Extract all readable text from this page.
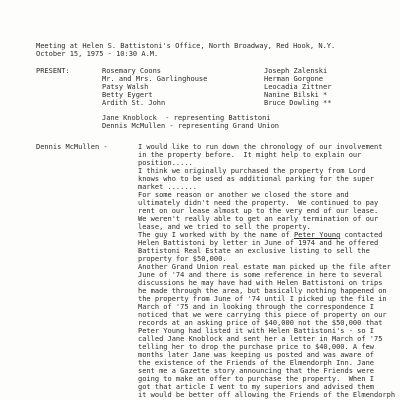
Meeting at Helen S. Battistoni's Office, North Broadway, Red Hook, N.Y.
October 15, 1975 - 10:30 A.M.
PRESENT:	Rosemary Coons
Mr. and Mrs. Garlinghouse
Patsy Walsh
Betty Eygert
Ardith St. John
Joseph Zalenski
Herman Gorgone
Leocadia Zittner
Nanine Bilski *
Bruce Dowling **
Jane Knoblock  - representing Battistoni
Dennis McMullen - representing Grand Union
Dennis McMullen -	I would like to run down the chronology of our involvement
in the property before.  It might help to explain our
position.....
I think we originally purchased the property from Lord
knows who to be used as additional parking for the super
market .......
For some reason or another we closed the store and
ultimately didn't need the property.  We continued to pay
rent on our lease almost up to the very end of our lease.
We weren't really able to get an early termination of our
lease, and we tried to sell the property.
The guy I worked with by the name of Peter Young contacted
Helen Battistoni by letter in June of 1974 and he offered
Battistoni Real Estate an exclusive listing to sell the
property for $50,000.
Another Grand Union real estate man picked up the file after
June of '74 and there is some reference in here to several
discussions he may have had with Helen Battistoni on trips
he made through the area, but basically nothing happened on
the property from June of '74 until I picked up the file in
March of '75 and in looking through the correspondence I
noticed that we were carrying this piece of property on our
records at an asking price of $40,000 not the $50,000 that
Peter Young had listed it with Helen Battistoni's - so I
called Jane Knoblock and sent her a letter in March of '75
telling her to drop the purchase price to $40,000. A few
months later Jane was keeping us posted and was aware of
the existence of the Friends of the Elmendorph Inn. Jane
sent me a Gazette story announcing that the Friends were
going to make an offer to purchase the property.  When I
got that article I went to my superiors and advised them
it would be better off allowing the Friends of the Elmendorph
